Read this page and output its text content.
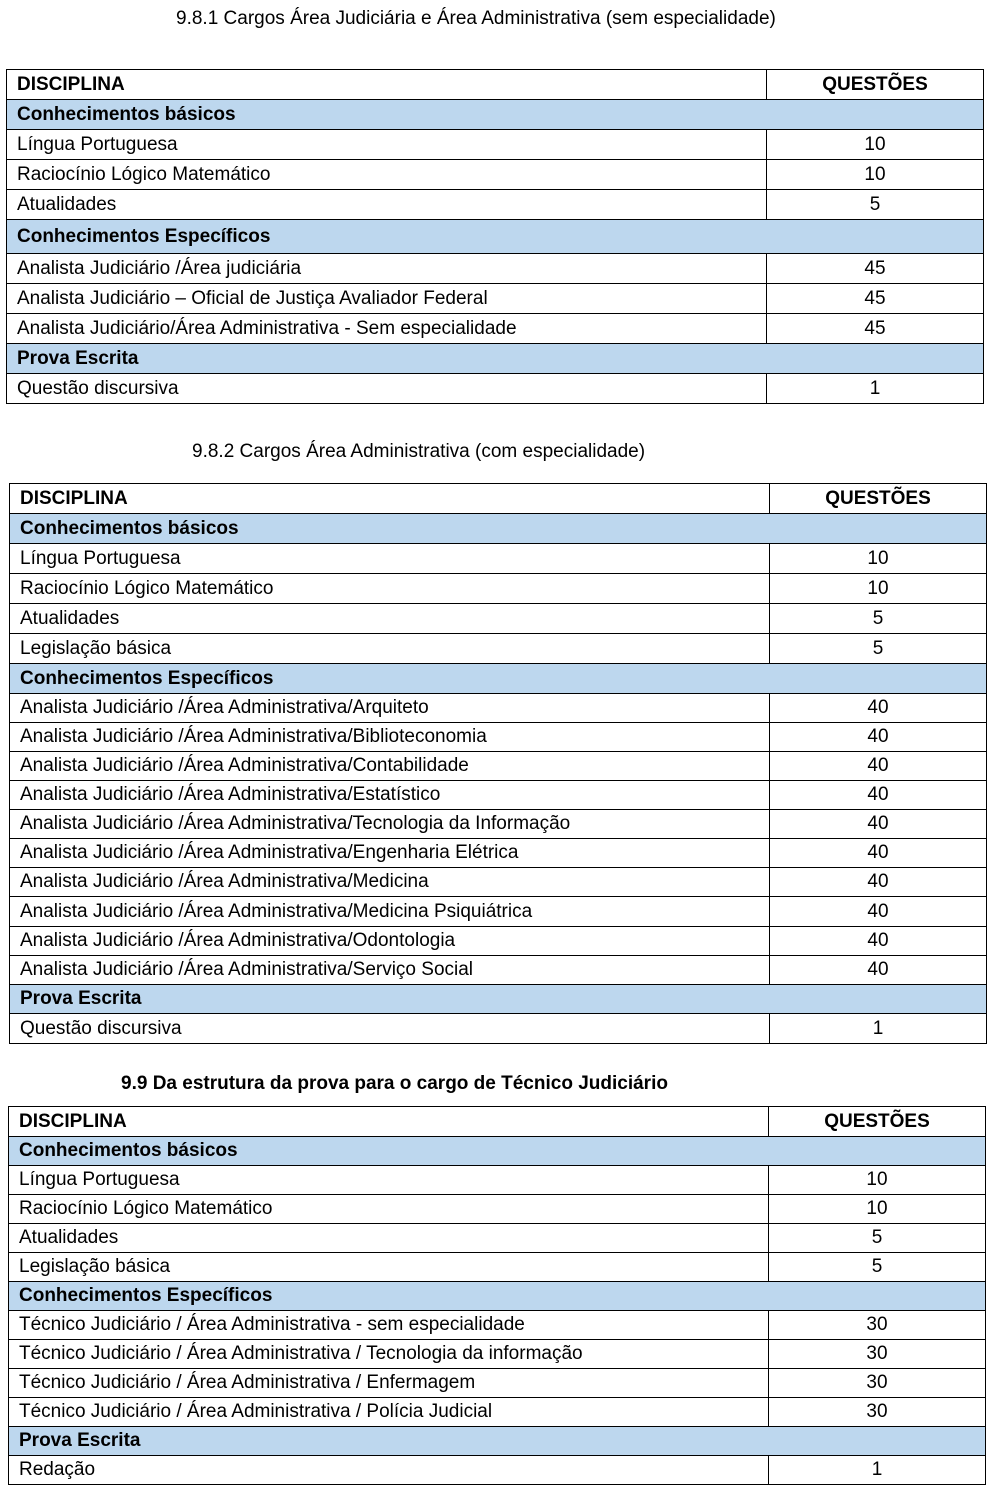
9.8.1 Cargos Área Judiciária e Área Administrativa (sem especialidade)
DISCIPLINA	QUESTÕES
Conhecimentos básicos	
Língua Portuguesa	10
Raciocínio Lógico Matemático	10
Atualidades	5
Conhecimentos Específicos	
Analista Judiciário /Área judiciária	45
Analista Judiciário – Oficial de Justiça Avaliador Federal	45
Analista Judiciário/Área Administrativa - Sem especialidade	45
Prova Escrita	
Questão discursiva	1
9.8.2 Cargos Área Administrativa (com especialidade)
DISCIPLINA	QUESTÕES
Conhecimentos básicos	
Língua Portuguesa	10
Raciocínio Lógico Matemático	10
Atualidades	5
Legislação básica	5
Conhecimentos Específicos	
Analista Judiciário /Área Administrativa/Arquiteto	40
Analista Judiciário /Área Administrativa/Biblioteconomia	40
Analista Judiciário /Área Administrativa/Contabilidade	40
Analista Judiciário /Área Administrativa/Estatístico	40
Analista Judiciário /Área Administrativa/Tecnologia da Informação	40
Analista Judiciário /Área Administrativa/Engenharia Elétrica	40
Analista Judiciário /Área Administrativa/Medicina	40
Analista Judiciário /Área Administrativa/Medicina Psiquiátrica	40
Analista Judiciário /Área Administrativa/Odontologia	40
Analista Judiciário /Área Administrativa/Serviço Social	40
Prova Escrita	
Questão discursiva	1
9.9 Da estrutura da prova para o cargo de Técnico Judiciário
DISCIPLINA	QUESTÕES
Conhecimentos básicos	
Língua Portuguesa	10
Raciocínio Lógico Matemático	10
Atualidades	5
Legislação básica	5
Conhecimentos Específicos	
Técnico Judiciário / Área Administrativa - sem especialidade	30
Técnico Judiciário / Área Administrativa / Tecnologia da informação	30
Técnico Judiciário / Área Administrativa / Enfermagem	30
Técnico Judiciário / Área Administrativa / Polícia Judicial	30
Prova Escrita	
Redação	1
